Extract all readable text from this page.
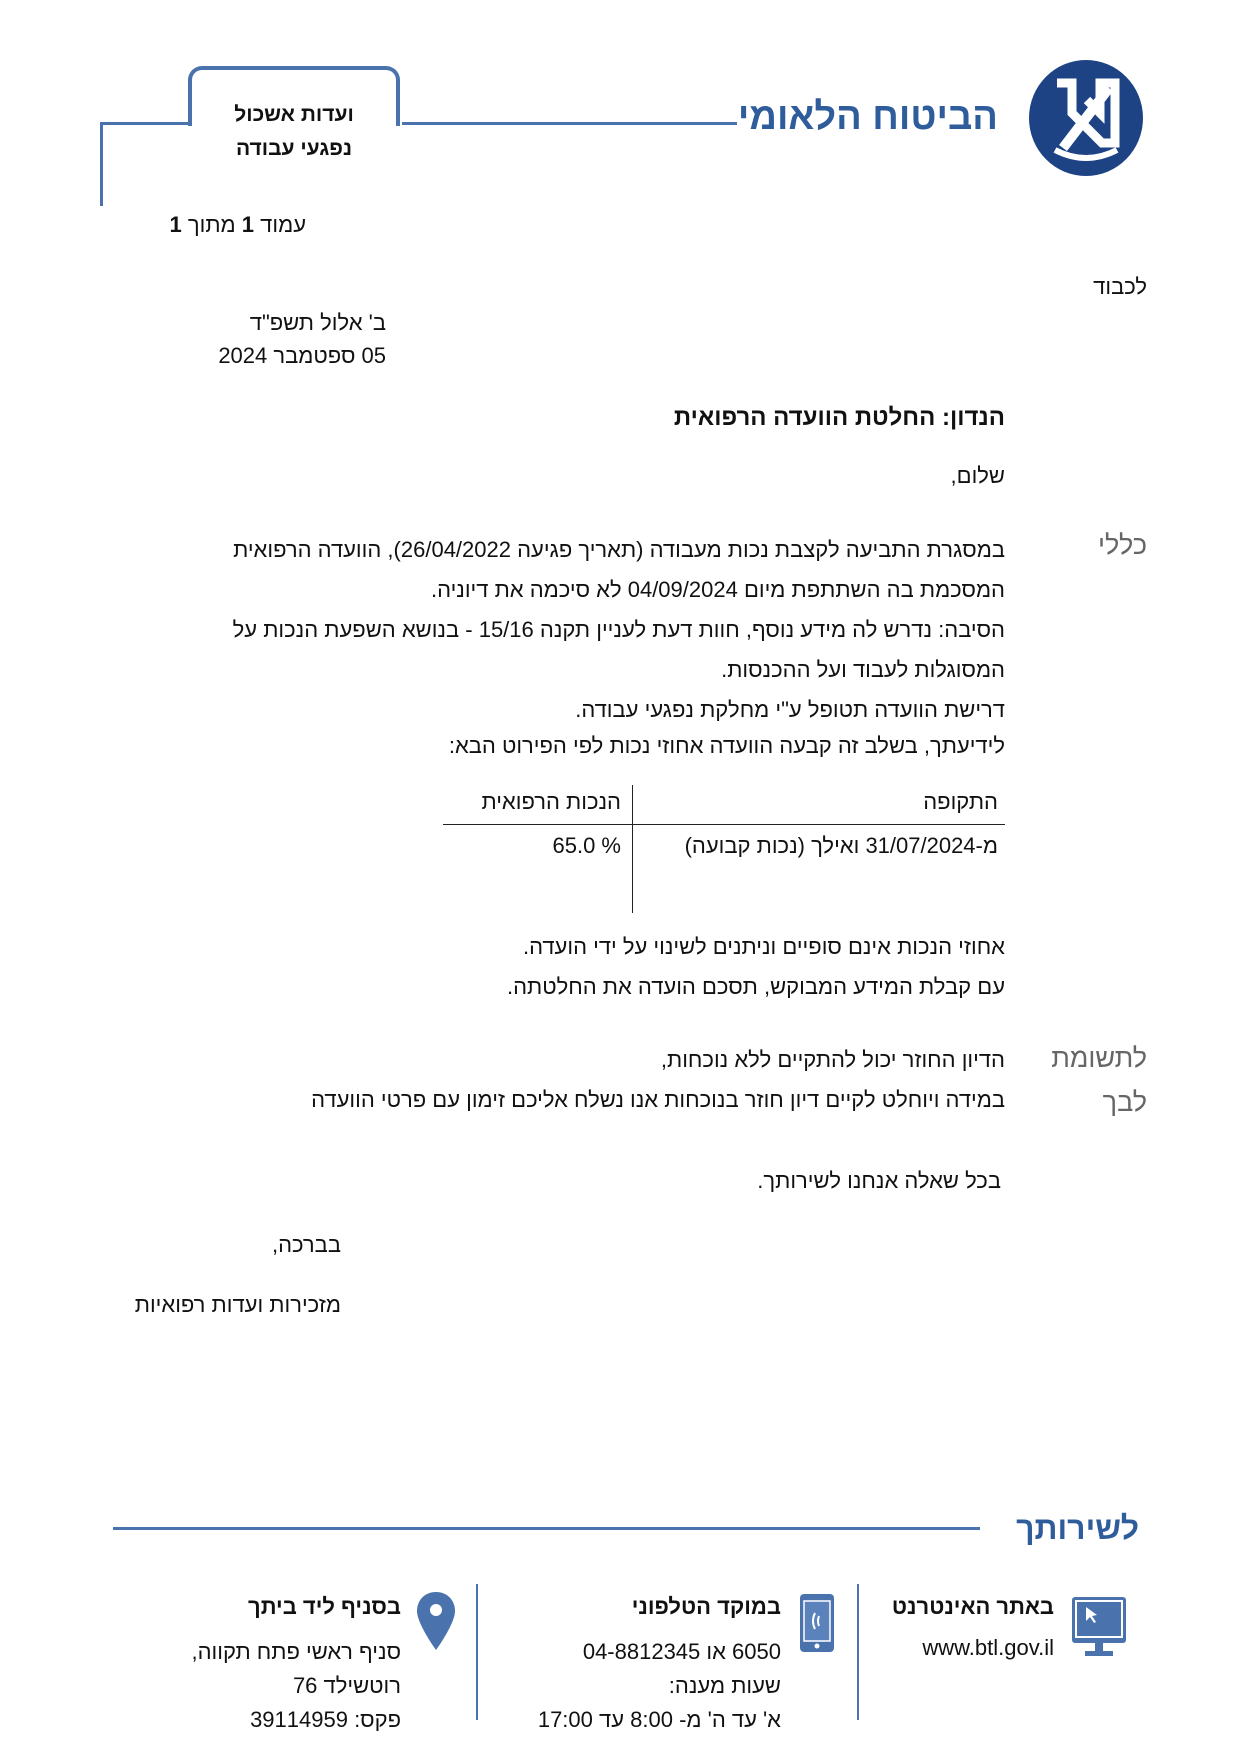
הביטוח הלאומי
ועדות אשכול
נפגעי עבודה
עמוד 1 מתוך 1
לכבוד
ב' אלול תשפ"ד
05 ספטמבר 2024
הנדון: החלטת הוועדה הרפואית
שלום,
כללי
במסגרת התביעה לקצבת נכות מעבודה (תאריך פגיעה 26/04/2022), הוועדה הרפואית
המסכמת בה השתתפת מיום 04/09/2024 לא סיכמה את דיוניה.
הסיבה: נדרש לה מידע נוסף, חוות דעת לעניין תקנה 15/16 - בנושא השפעת הנכות על
המסוגלות לעבוד ועל ההכנסות.
דרישת הוועדה תטופל ע"י מחלקת נפגעי עבודה.
לידיעתך, בשלב זה קבעה הוועדה אחוזי נכות לפי הפירוט הבא:
התקופה
הנכות הרפואית
מ-31/07/2024 ואילך (נכות קבועה)
65.0 %
אחוזי הנכות אינם סופיים וניתנים לשינוי על ידי הועדה.
עם קבלת המידע המבוקש, תסכם הועדה את החלטתה.
לתשומת
לבך
הדיון החוזר יכול להתקיים ללא נוכחות,
במידה ויוחלט לקיים דיון חוזר בנוכחות אנו נשלח אליכם זימון עם פרטי הוועדה
בכל שאלה אנחנו לשירותך.
בברכה,
מזכירות ועדות רפואיות
לשירותך
באתר האינטרנט
www.btl.gov.il
במוקד הטלפוני
6050 או 04-8812345
שעות מענה:
א' עד ה' מ- 8:00 עד 17:00
בסניף ליד ביתך
סניף ראשי פתח תקווה,
רוטשילד 76
פקס: 39114959
